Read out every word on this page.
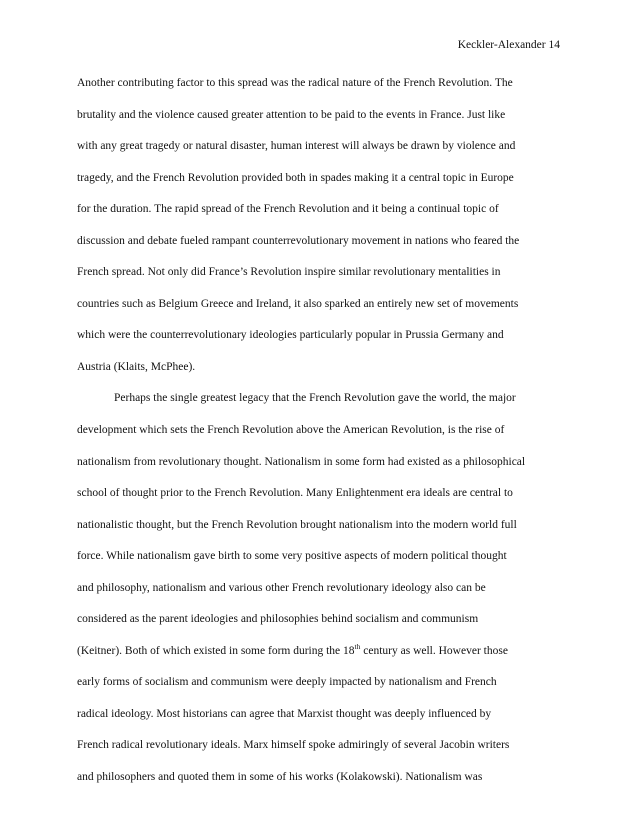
Keckler-Alexander 14
Another contributing factor to this spread was the radical nature of the French Revolution. The
brutality and the violence caused greater attention to be paid to the events in France. Just like
with any great tragedy or natural disaster, human interest will always be drawn by violence and
tragedy, and the French Revolution provided both in spades making it a central topic in Europe
for the duration. The rapid spread of the French Revolution and it being a continual topic of
discussion and debate fueled rampant counterrevolutionary movement in nations who feared the
French spread. Not only did France’s Revolution inspire similar revolutionary mentalities in
countries such as Belgium Greece and Ireland, it also sparked an entirely new set of movements
which were the counterrevolutionary ideologies particularly popular in Prussia Germany and
Austria (Klaits, McPhee).
Perhaps the single greatest legacy that the French Revolution gave the world, the major
development which sets the French Revolution above the American Revolution, is the rise of
nationalism from revolutionary thought. Nationalism in some form had existed as a philosophical
school of thought prior to the French Revolution. Many Enlightenment era ideals are central to
nationalistic thought, but the French Revolution brought nationalism into the modern world full
force. While nationalism gave birth to some very positive aspects of modern political thought
and philosophy, nationalism and various other French revolutionary ideology also can be
considered as the parent ideologies and philosophies behind socialism and communism
(Keitner). Both of which existed in some form during the 18th century as well. However those
early forms of socialism and communism were deeply impacted by nationalism and French
radical ideology. Most historians can agree that Marxist thought was deeply influenced by
French radical revolutionary ideals. Marx himself spoke admiringly of several Jacobin writers
and philosophers and quoted them in some of his works (Kolakowski). Nationalism was
